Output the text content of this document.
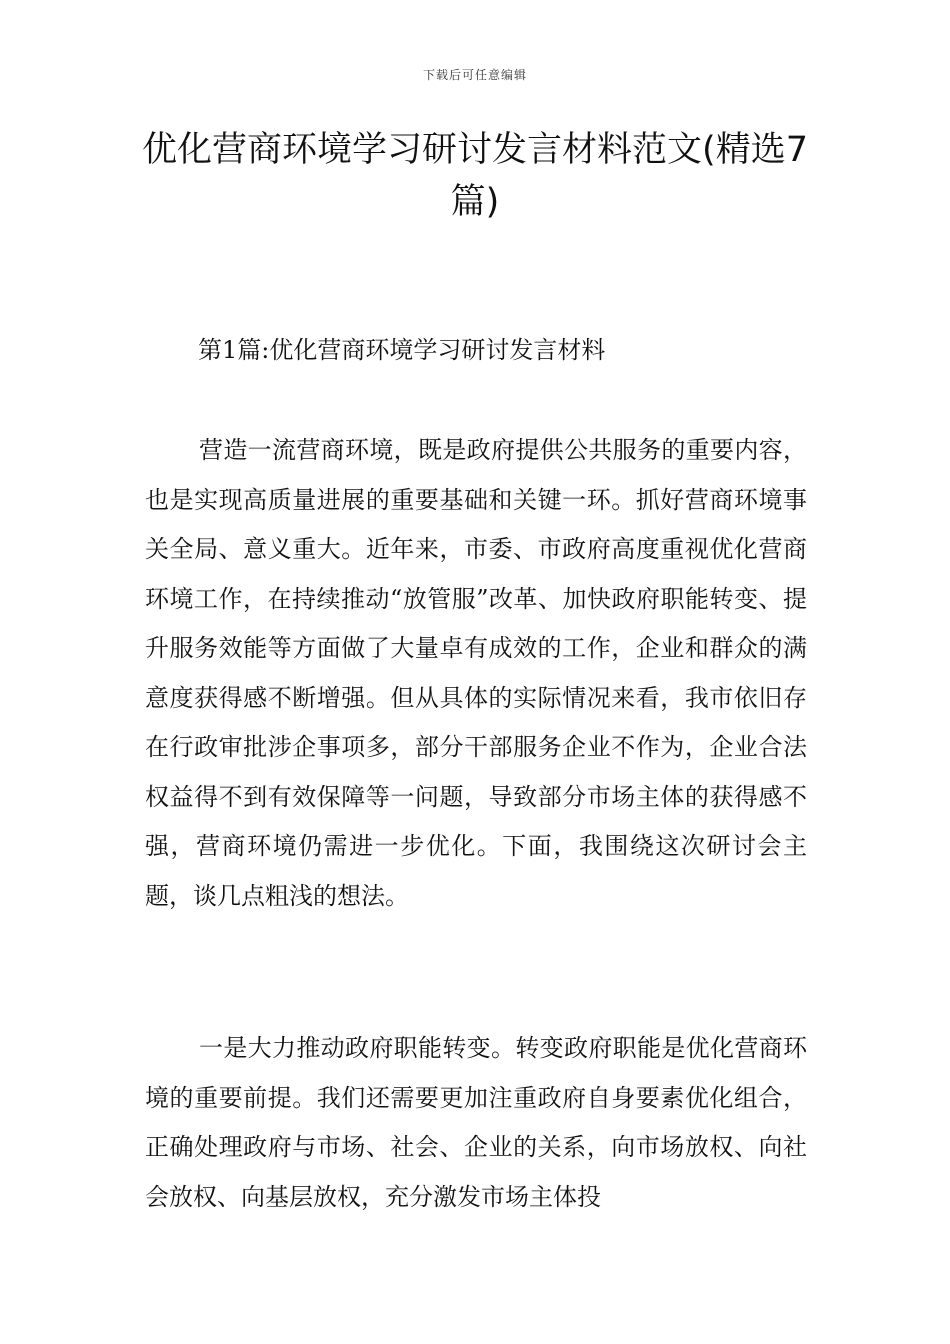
下载后可任意编辑
优化营商环境学习研讨发言材料范文(精选7篇)
第1篇:优化营商环境学习研讨发言材料

营造一流营商环境，既是政府提供公共服务的重要内容，也是实现高质量进展的重要基础和关键一环。抓好营商环境事关全局、意义重大。近年来，市委、市政府高度重视优化营商环境工作，在持续推动“放管服”改革、加快政府职能转变、提升服务效能等方面做了大量卓有成效的工作，企业和群众的满意度获得感不断增强。但从具体的实际情况来看，我市依旧存在行政审批涉企事项多，部分干部服务企业不作为，企业合法权益得不到有效保障等一问题，导致部分市场主体的获得感不强，营商环境仍需进一步优化。下面，我围绕这次研讨会主题，谈几点粗浅的想法。

一是大力推动政府职能转变。转变政府职能是优化营商环境的重要前提。我们还需要更加注重政府自身要素优化组合，正确处理政府与市场、社会、企业的关系，向市场放权、向社会放权、向基层放权，充分激发市场主体投
